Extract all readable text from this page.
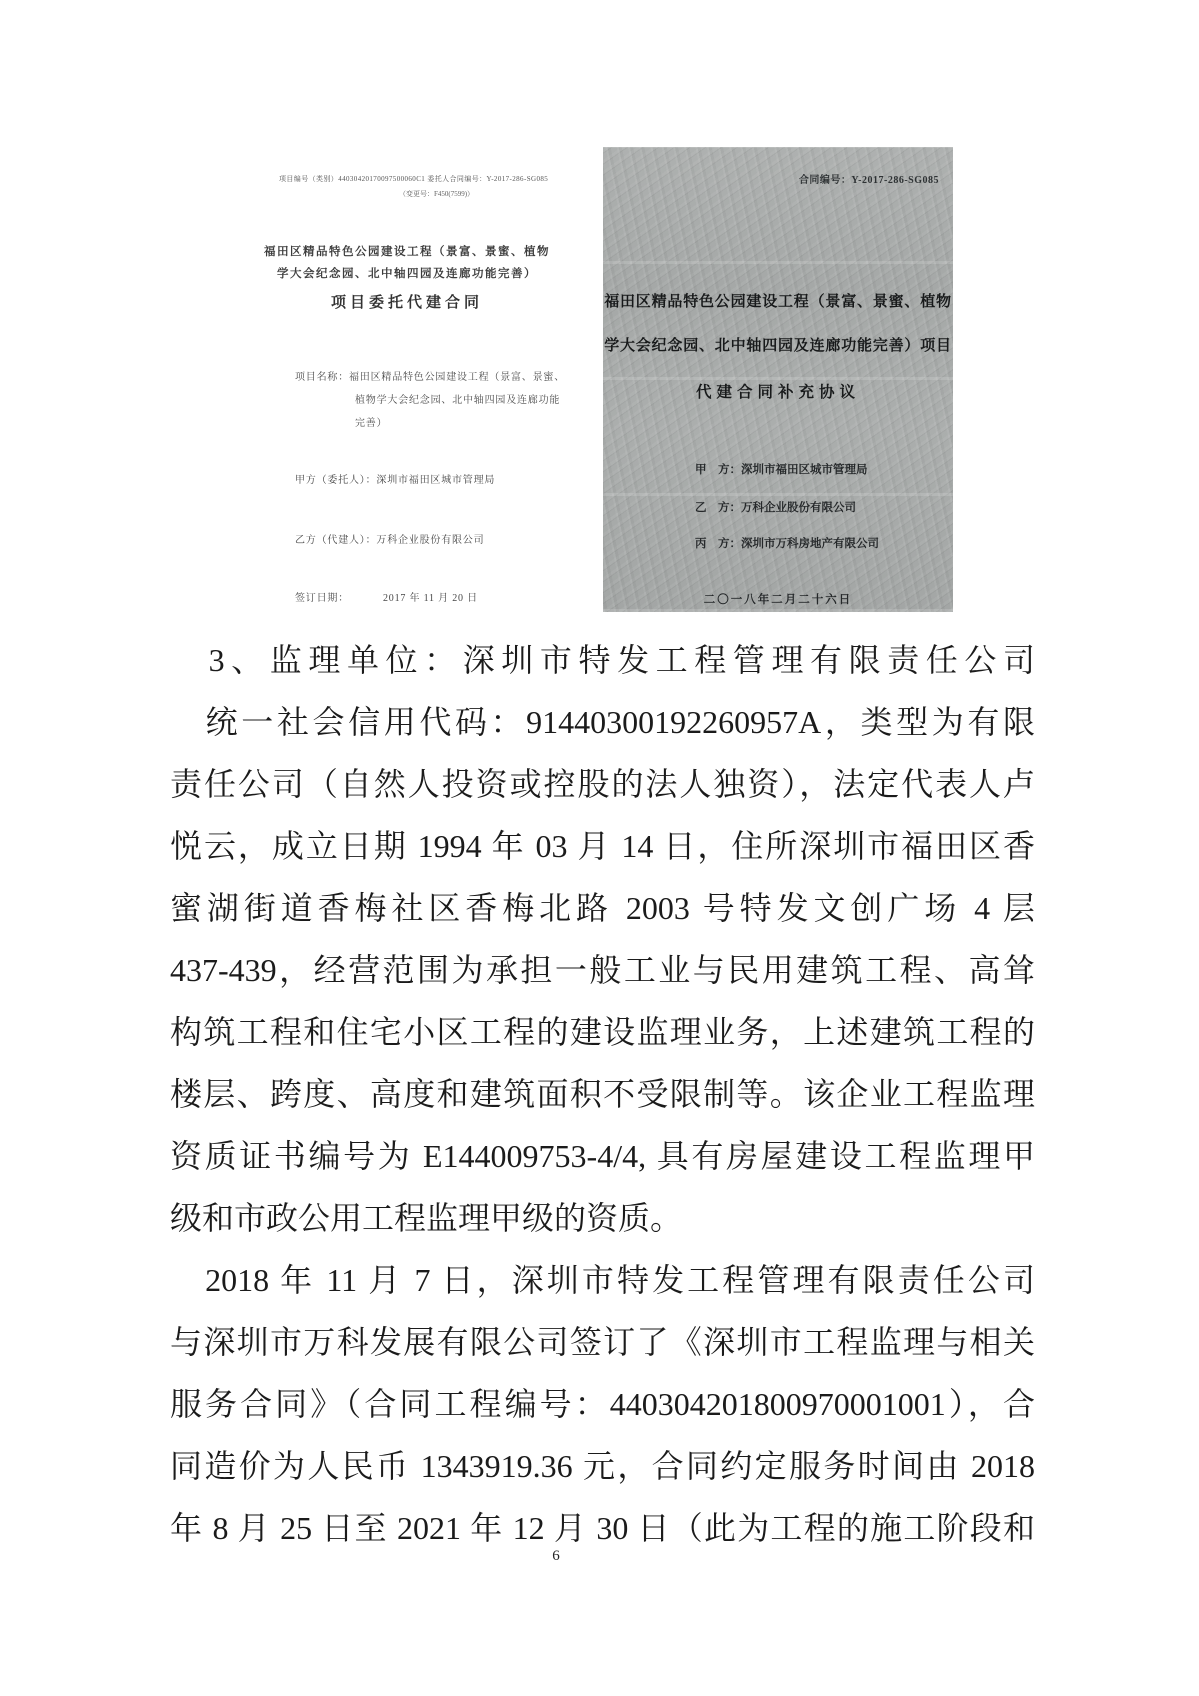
项目编号（类别）44030420170097500060C1 委托人合同编号：Y-2017-286-SG085
（变更号：F450(7599)）
福田区精品特色公园建设工程（景富、景蜜、植物
学大会纪念园、北中轴四园及连廊功能完善）
项目委托代建合同
项目名称：福田区精品特色公园建设工程（景富、景蜜、
植物学大会纪念园、北中轴四园及连廊功能
完善）
甲方（委托人）：深圳市福田区城市管理局
乙方（代建人）：万科企业股份有限公司
签订日期：	2017 年 11 月 20 日
合同编号：Y-2017-286-SG085
福田区精品特色公园建设工程（景富、景蜜、植物
学大会纪念园、北中轴四园及连廊功能完善）项目
代建合同补充协议
甲　方：深圳市福田区城市管理局
乙　方：万科企业股份有限公司
丙　方：深圳市万科房地产有限公司
二〇一八年二月二十六日
　3、监理单位：深圳市特发工程管理有限责任公司
　统一社会信用代码：91440300192260957A，类型为有限
责任公司（自然人投资或控股的法人独资），法定代表人卢
悦云，成立日期 1994 年 03 月 14 日，住所深圳市福田区香
蜜湖街道香梅社区香梅北路 2003 号特发文创广场 4 层
437-439，经营范围为承担一般工业与民用建筑工程、高耸
构筑工程和住宅小区工程的建设监理业务，上述建筑工程的
楼层、跨度、高度和建筑面积不受限制等。该企业工程监理
资质证书编号为 E144009753-4/4, 具有房屋建设工程监理甲
级和市政公用工程监理甲级的资质。
　2018 年 11 月 7 日，深圳市特发工程管理有限责任公司
与深圳市万科发展有限公司签订了《深圳市工程监理与相关
服务合同》（合同工程编号：440304201800970001001），合
同造价为人民币 1343919.36 元，合同约定服务时间由 2018
年 8 月 25 日至 2021 年 12 月 30 日（此为工程的施工阶段和
6
